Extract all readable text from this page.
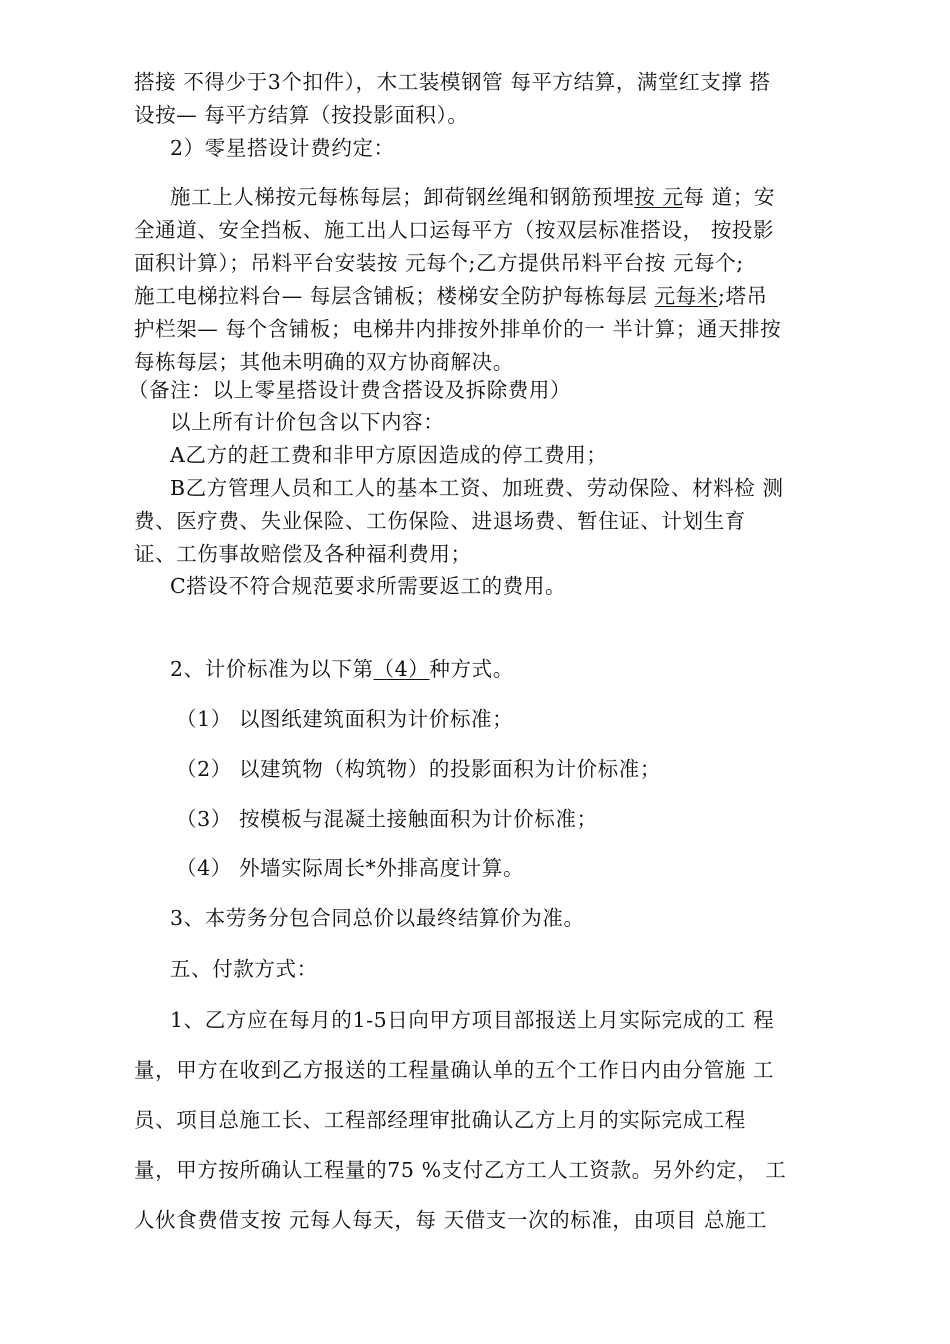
搭接 不得少于3个扣件），木工装模钢管 每平方结算，满堂红支撑 搭
设按— 每平方结算（按投影面积）。
2）零星搭设计费约定：
施工上人梯按元每栋每层；卸荷钢丝绳和钢筋预埋按 元每 道；安
全通道、安全挡板、施工出人口运每平方（按双层标准搭设， 按投影
面积计算）；吊料平台安装按 元每个;乙方提供吊料平台按 元每个;
施工电梯拉料台— 每层含铺板；楼梯安全防护每栋每层 元每米;塔吊
护栏架— 每个含铺板；电梯井内排按外排单价的一 半计算；通天排按
每栋每层；其他未明确的双方协商解决。
（备注：以上零星搭设计费含搭设及拆除费用）
以上所有计价包含以下内容：
A乙方的赶工费和非甲方原因造成的停工费用；
B乙方管理人员和工人的基本工资、加班费、劳动保险、材料检 测
费、医疗费、失业保险、工伤保险、进退场费、暂住证、计划生育
证、工伤事故赔偿及各种福利费用；
C搭设不符合规范要求所需要返工的费用。
2、计价标准为以下第（4）种方式。
（1） 以图纸建筑面积为计价标准；
（2） 以建筑物（构筑物）的投影面积为计价标准；
（3） 按模板与混凝土接触面积为计价标准；
（4） 外墙实际周长*外排高度计算。
3、本劳务分包合同总价以最终结算价为准。
五、付款方式：
1、乙方应在每月的1-5日向甲方项目部报送上月实际完成的工 程
量，甲方在收到乙方报送的工程量确认单的五个工作日内由分管施 工
员、项目总施工长、工程部经理审批确认乙方上月的实际完成工程
量，甲方按所确认工程量的75 %支付乙方工人工资款。另外约定， 工
人伙食费借支按 元每人每天，每 天借支一次的标准，由项目 总施工
